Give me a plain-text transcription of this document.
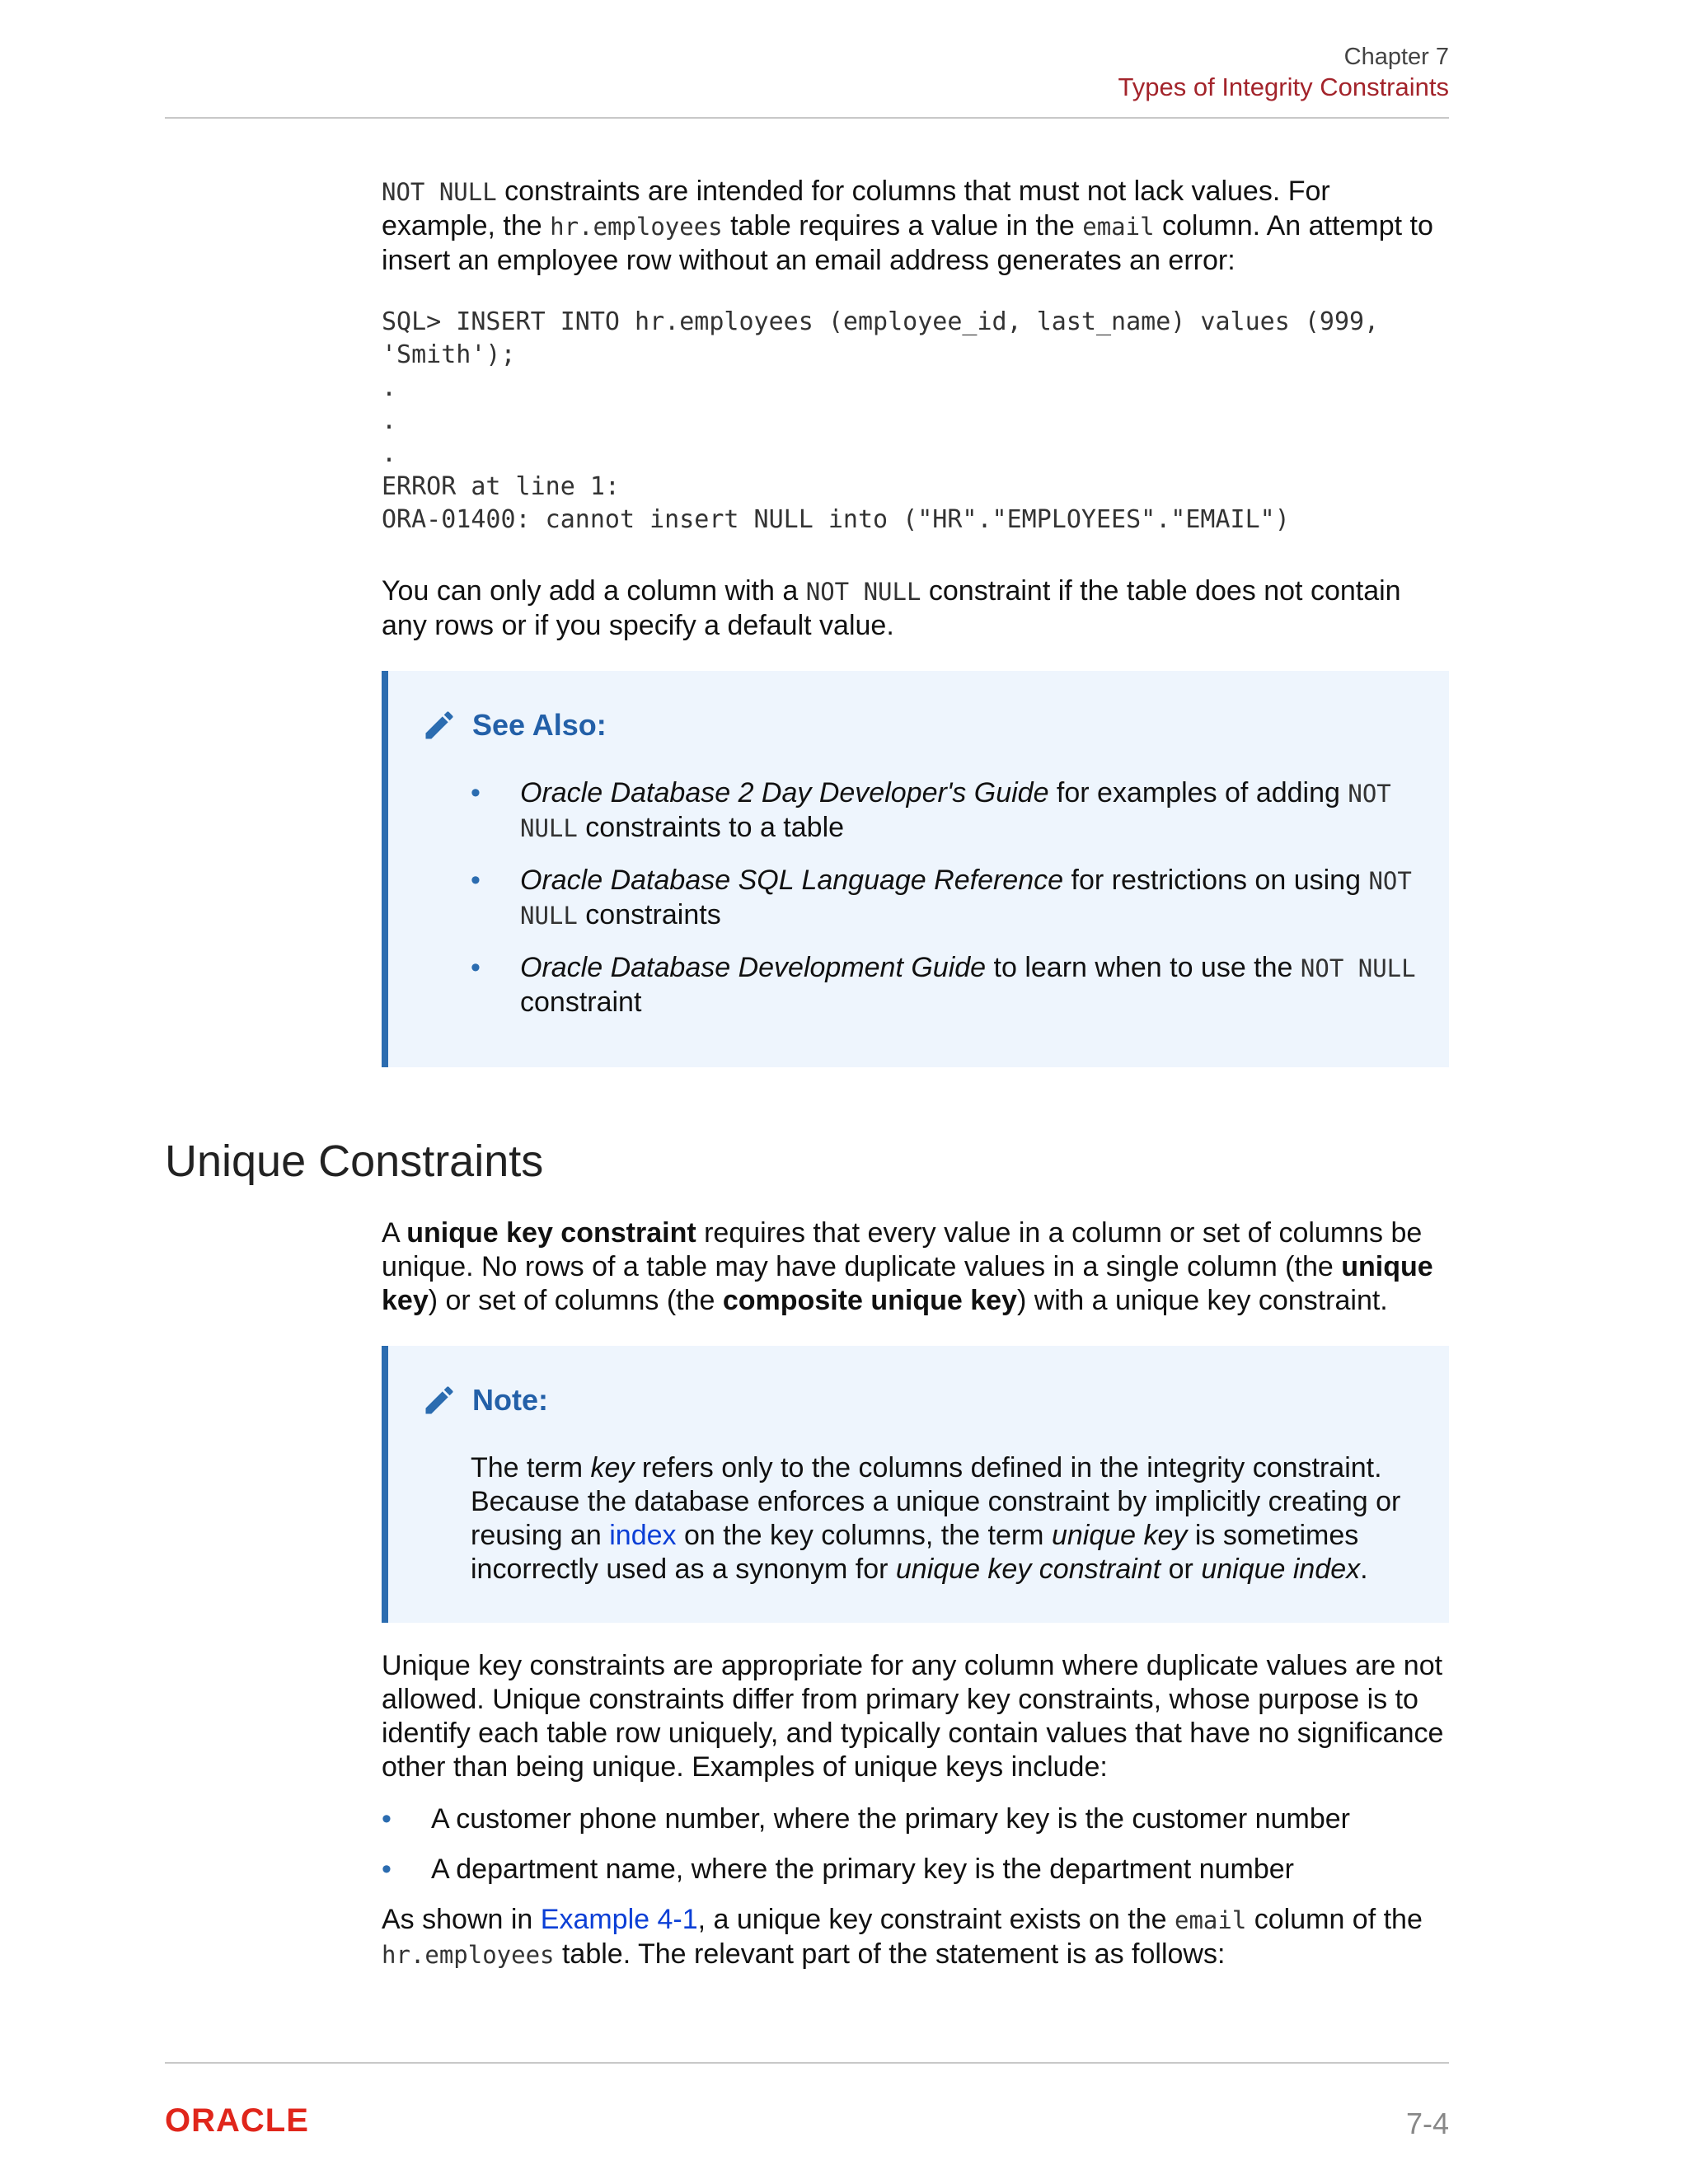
Chapter 7
Types of Integrity Constraints

NOT NULL constraints are intended for columns that must not lack values. For example, the hr.employees table requires a value in the email column. An attempt to insert an employee row without an email address generates an error:

SQL> INSERT INTO hr.employees (employee_id, last_name) values (999,
'Smith');
.
.
.
ERROR at line 1:
ORA-01400: cannot insert NULL into ("HR"."EMPLOYEES"."EMAIL")

You can only add a column with a NOT NULL constraint if the table does not contain any rows or if you specify a default value.

See Also:
• Oracle Database 2 Day Developer's Guide for examples of adding NOT NULL constraints to a table
• Oracle Database SQL Language Reference for restrictions on using NOT NULL constraints
• Oracle Database Development Guide to learn when to use the NOT NULL constraint
Unique Constraints

A unique key constraint requires that every value in a column or set of columns be unique. No rows of a table may have duplicate values in a single column (the unique key) or set of columns (the composite unique key) with a unique key constraint.

Note:
The term key refers only to the columns defined in the integrity constraint. Because the database enforces a unique constraint by implicitly creating or reusing an index on the key columns, the term unique key is sometimes incorrectly used as a synonym for unique key constraint or unique index.

Unique key constraints are appropriate for any column where duplicate values are not allowed. Unique constraints differ from primary key constraints, whose purpose is to identify each table row uniquely, and typically contain values that have no significance other than being unique. Examples of unique keys include:

• A customer phone number, where the primary key is the customer number
• A department name, where the primary key is the department number

As shown in Example 4-1, a unique key constraint exists on the email column of the hr.employees table. The relevant part of the statement is as follows:

ORACLE	7-4
